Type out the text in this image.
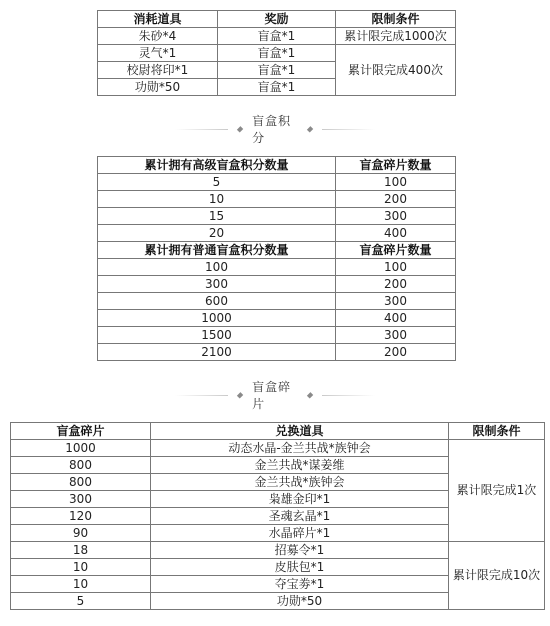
消耗道具	奖励	限制条件
朱砂*4	盲盒*1	累计限完成1000次
灵气*1	盲盒*1	累计限完成400次
校尉将印*1	盲盒*1	
功勋*50	盲盒*1	
盲盒积分
累计拥有高级盲盒积分数量	盲盒碎片数量
5	100
10	200
15	300
20	400
累计拥有普通盲盒积分数量	盲盒碎片数量
100	100
300	200
600	300
1000	400
1500	300
2100	200
盲盒碎片
盲盒碎片	兑换道具	限制条件
1000	动态水晶-金兰共战*族钟会	累计限完成1次
800	金兰共战*谋姜维	
800	金兰共战*族钟会	
300	枭雄金印*1	
120	圣魂玄晶*1	
90	水晶碎片*1	
18	招募令*1	累计限完成10次
10	皮肤包*1	
10	夺宝劵*1	
5	功勋*50	
